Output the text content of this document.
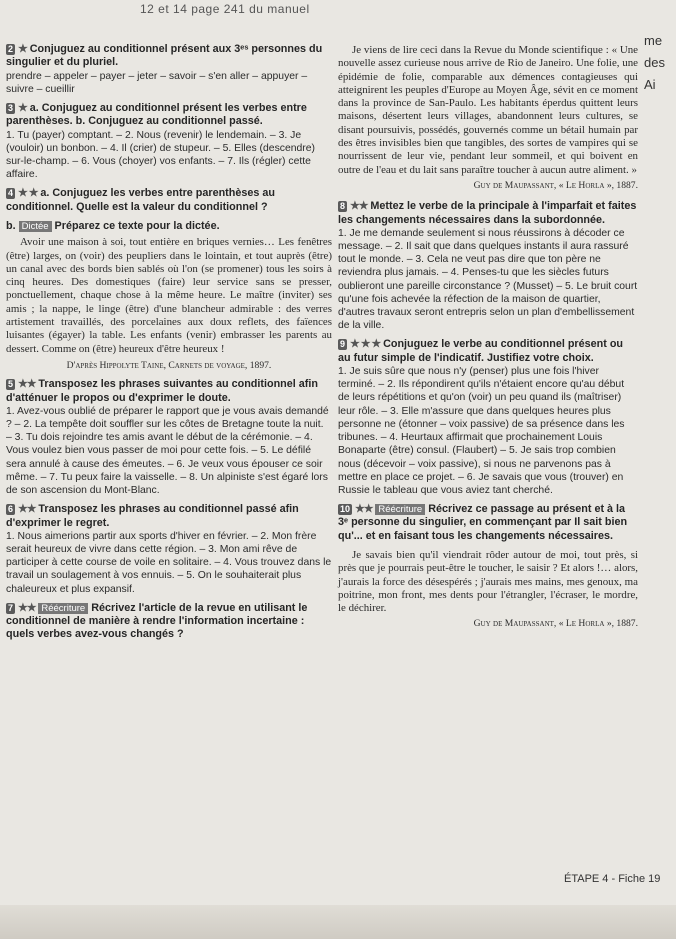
12 et 14 page 241 du manuel
me
des
Ai
2 ★ Conjuguez au conditionnel présent aux 3ᵉˢ personnes du singulier et du pluriel.
prendre – appeler – payer – jeter – savoir – s'en aller – appuyer – suivre – cueillir
3 ★ a. Conjuguez au conditionnel présent les verbes entre parenthèses. b. Conjuguez au conditionnel passé.
1. Tu (payer) comptant. – 2. Nous (revenir) le lendemain. – 3. Je (vouloir) un bonbon. – 4. Il (crier) de stupeur. – 5. Elles (descendre) sur-le-champ. – 6. Vous (choyer) vos enfants. – 7. Ils (régler) cette affaire.
4 ★ ★ a. Conjuguez les verbes entre parenthèses au conditionnel. Quelle est la valeur du conditionnel ?
b. Dictée Préparez ce texte pour la dictée.
Avoir une maison à soi, tout entière en briques vernies… Les fenêtres (être) larges, on (voir) des peupliers dans le lointain, et tout auprès (être) un canal avec des bords bien sablés où l'on (se promener) tous les soirs à cinq heures. Des domestiques (faire) leur service sans se presser, ponctuellement, chaque chose à la même heure. Le maître (inviter) ses amis ; la nappe, le linge (être) d'une blancheur admirable : des verres artistement travaillés, des porcelaines aux doux reflets, des faïences luisantes (égayer) la table. Les enfants (venir) embrasser les parents au dessert. Comme on (être) heureux d'être heureux !
D'après Hippolyte Taine, Carnets de voyage, 1897.
5 ★★ Transposez les phrases suivantes au conditionnel afin d'atténuer le propos ou d'exprimer le doute.
1. Avez-vous oublié de préparer le rapport que je vous avais demandé ? – 2. La tempête doit souffler sur les côtes de Bretagne toute la nuit. – 3. Tu dois rejoindre tes amis avant le début de la cérémonie. – 4. Vous voulez bien vous passer de moi pour cette fois. – 5. Le défilé sera annulé à cause des émeutes. – 6. Je veux vous épouser ce soir même. – 7. Tu peux faire la vaisselle. – 8. Un alpiniste s'est égaré lors de son ascension du Mont-Blanc.
6 ★★ Transposez les phrases au conditionnel passé afin d'exprimer le regret.
1. Nous aimerions partir aux sports d'hiver en février. – 2. Mon frère serait heureux de vivre dans cette région. – 3. Mon ami rêve de participer à cette course de voile en solitaire. – 4. Vous trouvez dans le travail un soulagement à vos ennuis. – 5. On le souhaiterait plus chaleureux et plus expansif.
7 ★★ Réécriture Récrivez l'article de la revue en utilisant le conditionnel de manière à rendre l'information incertaine : quels verbes avez-vous changés ?
Je viens de lire ceci dans la Revue du Monde scientifique : « Une nouvelle assez curieuse nous arrive de Rio de Janeiro. Une folie, une épidémie de folie, comparable aux démences contagieuses qui atteignirent les peuples d'Europe au Moyen Âge, sévit en ce moment dans la province de San-Paulo. Les habitants éperdus quittent leurs maisons, désertent leurs villages, abandonnent leurs cultures, se disant poursuivis, possédés, gouvernés comme un bétail humain par des êtres invisibles bien que tangibles, des sortes de vampires qui se nourrissent de leur vie, pendant leur sommeil, et qui boivent en outre de l'eau et du lait sans paraître toucher à aucun autre aliment. »
Guy de Maupassant, « Le Horla », 1887.
8 ★★ Mettez le verbe de la principale à l'imparfait et faites les changements nécessaires dans la subordonnée.
1. Je me demande seulement si nous réussirons à décoder ce message. – 2. Il sait que dans quelques instants il aura rassuré tout le monde. – 3. Cela ne veut pas dire que ton père ne reviendra plus jamais. – 4. Penses-tu que les siècles futurs oublieront une pareille circonstance ? (Musset) – 5. Le bruit court qu'une fois achevée la réfection de la maison de quartier, d'autres travaux seront entrepris selon un plan d'embellissement de la ville.
9 ★ ★ ★ Conjuguez le verbe au conditionnel présent ou au futur simple de l'indicatif. Justifiez votre choix.
1. Je suis sûre que nous n'y (penser) plus une fois l'hiver terminé. – 2. Ils répondirent qu'ils n'étaient encore qu'au début de leurs répétitions et qu'on (voir) un peu quand ils (maîtriser) leur rôle. – 3. Elle m'assure que dans quelques heures plus personne ne (étonner – voix passive) de sa présence dans les tribunes. – 4. Heurtaux affirmait que prochainement Louis Bonaparte (être) consul. (Flaubert) – 5. Je sais trop combien nous (décevoir – voix passive), si nous ne parvenons pas à mettre en place ce projet. – 6. Je savais que vous (trouver) en Russie le tableau que vous aviez tant cherché.
10 ★★ Réécriture Récrivez ce passage au présent et à la 3ᵉ personne du singulier, en commençant par Il sait bien qu'... et en faisant tous les changements nécessaires.
Je savais bien qu'il viendrait rôder autour de moi, tout près, si près que je pourrais peut-être le toucher, le saisir ? Et alors !… alors, j'aurais la force des désespérés ; j'aurais mes mains, mes genoux, ma poitrine, mon front, mes dents pour l'étrangler, l'écraser, le mordre, le déchirer.
Guy de Maupassant, « Le Horla », 1887.
ÉTAPE 4 - Fiche 19
